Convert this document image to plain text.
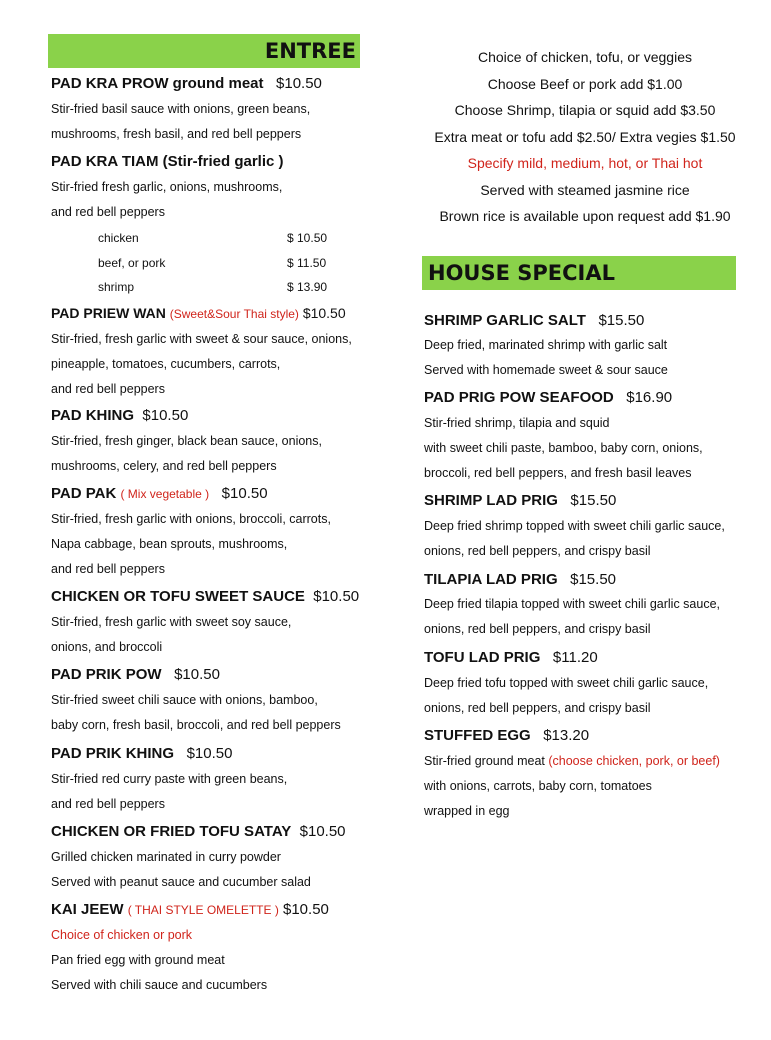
ENTREE
PAD KRA PROW ground meat $10.50
Stir-fried basil sauce with onions, green beans,
mushrooms, fresh basil, and red bell peppers
PAD KRA TIAM (Stir-fried garlic )
Stir-fried fresh garlic, onions, mushrooms,
and red bell peppers
chicken	$ 10.50
beef, or pork	$ 11.50
shrimp	$ 13.90
PAD PRIEW WAN (Sweet&Sour Thai style) $10.50
Stir-fried, fresh garlic with sweet & sour sauce, onions,
pineapple, tomatoes, cucumbers, carrots,
and red bell peppers
PAD KHING $10.50
Stir-fried, fresh ginger, black bean sauce, onions,
mushrooms, celery, and red bell peppers
PAD PAK ( Mix vegetable ) $10.50
Stir-fried, fresh garlic with onions, broccoli, carrots,
Napa cabbage, bean sprouts, mushrooms,
and red bell peppers
CHICKEN OR TOFU SWEET SAUCE $10.50
Stir-fried, fresh garlic with sweet soy sauce,
onions, and broccoli
PAD PRIK POW $10.50
Stir-fried sweet chili sauce with onions, bamboo,
baby corn, fresh basil, broccoli, and red bell peppers
PAD PRIK KHING $10.50
Stir-fried red curry paste with green beans,
and red bell peppers
CHICKEN OR FRIED TOFU SATAY $10.50
Grilled chicken marinated in curry powder
Served with peanut sauce and cucumber salad
KAI JEEW ( THAI STYLE OMELETTE ) $10.50
Choice of chicken or pork
Pan fried egg with ground meat
Served with chili sauce and cucumbers
Choice of chicken, tofu, or veggies
Choose Beef or pork add $1.00
Choose Shrimp, tilapia or squid add $3.50
Extra meat or tofu add $2.50/ Extra vegies $1.50
Specify mild, medium, hot, or Thai hot
Served with steamed jasmine rice
Brown rice is available upon request add $1.90
HOUSE SPECIAL
SHRIMP GARLIC SALT $15.50
Deep fried, marinated shrimp with garlic salt
Served with homemade sweet & sour sauce
PAD PRIG POW SEAFOOD $16.90
Stir-fried shrimp, tilapia and squid
with sweet chili paste, bamboo, baby corn, onions,
broccoli, red bell peppers, and fresh basil leaves
SHRIMP LAD PRIG $15.50
Deep fried shrimp topped with sweet chili garlic sauce,
onions, red bell peppers, and crispy basil
TILAPIA LAD PRIG $15.50
Deep fried tilapia topped with sweet chili garlic sauce,
onions, red bell peppers, and crispy basil
TOFU LAD PRIG $11.20
Deep fried tofu topped with sweet chili garlic sauce,
onions, red bell peppers, and crispy basil
STUFFED EGG $13.20
Stir-fried ground meat (choose chicken, pork, or beef)
with onions, carrots, baby corn, tomatoes
wrapped in egg
